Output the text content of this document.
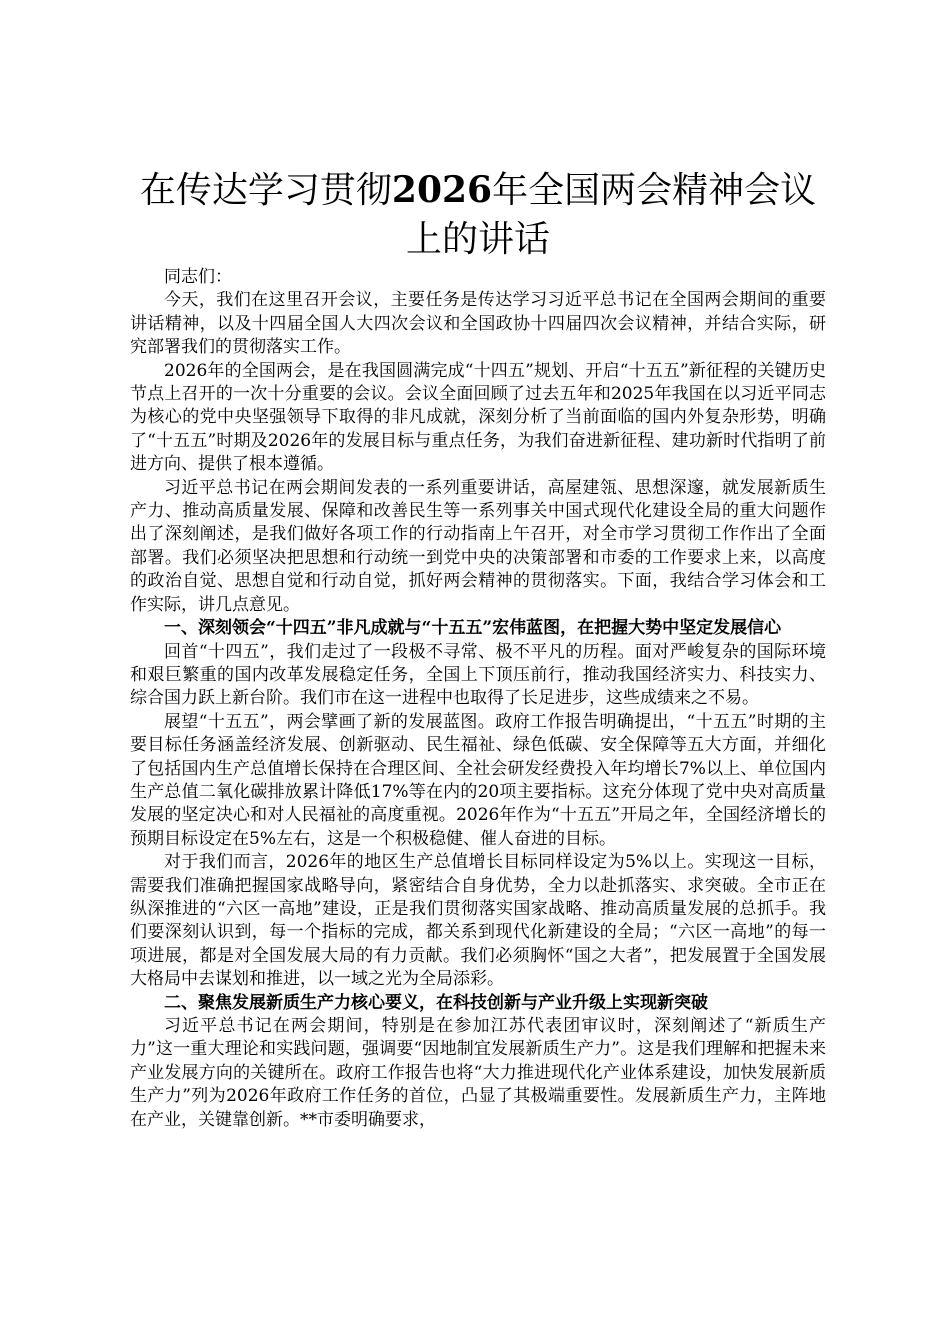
在传达学习贯彻2026年全国两会精神会议上的讲话

同志们：

今天，我们在这里召开会议，主要任务是传达学习习近平总书记在全国两会期间的重要讲话精神，以及十四届全国人大四次会议和全国政协十四届四次会议精神，并结合实际，研究部署我们的贯彻落实工作。

2026年的全国两会，是在我国圆满完成“十四五”规划、开启“十五五”新征程的关键历史节点上召开的一次十分重要的会议。会议全面回顾了过去五年和2025年我国在以习近平同志为核心的党中央坚强领导下取得的非凡成就，深刻分析了当前面临的国内外复杂形势，明确了“十五五”时期及2026年的发展目标与重点任务，为我们奋进新征程、建功新时代指明了前进方向、提供了根本遵循。

习近平总书记在两会期间发表的一系列重要讲话，高屋建瓴、思想深邃，就发展新质生产力、推动高质量发展、保障和改善民生等一系列事关中国式现代化建设全局的重大问题作出了深刻阐述，是我们做好各项工作的行动指南上午召开，对全市学习贯彻工作作出了全面部署。我们必须坚决把思想和行动统一到党中央的决策部署和市委的工作要求上来，以高度的政治自觉、思想自觉和行动自觉，抓好两会精神的贯彻落实。下面，我结合学习体会和工作实际，讲几点意见。

一、深刻领会“十四五”非凡成就与“十五五”宏伟蓝图，在把握大势中坚定发展信心

回首“十四五”，我们走过了一段极不寻常、极不平凡的历程。面对严峻复杂的国际环境和艰巨繁重的国内改革发展稳定任务，全国上下顶压前行，推动我国经济实力、科技实力、综合国力跃上新台阶。我们市在这一进程中也取得了长足进步，这些成绩来之不易。

展望“十五五”，两会擘画了新的发展蓝图。政府工作报告明确提出，“十五五”时期的主要目标任务涵盖经济发展、创新驱动、民生福祉、绿色低碳、安全保障等五大方面，并细化了包括国内生产总值增长保持在合理区间、全社会研发经费投入年均增长7%以上、单位国内生产总值二氧化碳排放累计降低17%等在内的20项主要指标。这充分体现了党中央对高质量发展的坚定决心和对人民福祉的高度重视。2026年作为“十五五”开局之年，全国经济增长的预期目标设定在5%左右，这是一个积极稳健、催人奋进的目标。

对于我们而言，2026年的地区生产总值增长目标同样设定为5%以上。实现这一目标，需要我们准确把握国家战略导向，紧密结合自身优势，全力以赴抓落实、求突破。全市正在纵深推进的“六区一高地”建设，正是我们贯彻落实国家战略、推动高质量发展的总抓手。我们要深刻认识到，每一个指标的完成，都关系到现代化新建设的全局；“六区一高地”的每一项进展，都是对全国发展大局的有力贡献。我们必须胸怀“国之大者”，把发展置于全国发展大格局中去谋划和推进，以一域之光为全局添彩。

二、聚焦发展新质生产力核心要义，在科技创新与产业升级上实现新突破

习近平总书记在两会期间，特别是在参加江苏代表团审议时，深刻阐述了“新质生产力”这一重大理论和实践问题，强调要“因地制宜发展新质生产力”。这是我们理解和把握未来产业发展方向的关键所在。政府工作报告也将“大力推进现代化产业体系建设，加快发展新质生产力”列为2026年政府工作任务的首位，凸显了其极端重要性。发展新质生产力，主阵地在产业，关键靠创新。**市委明确要求，
